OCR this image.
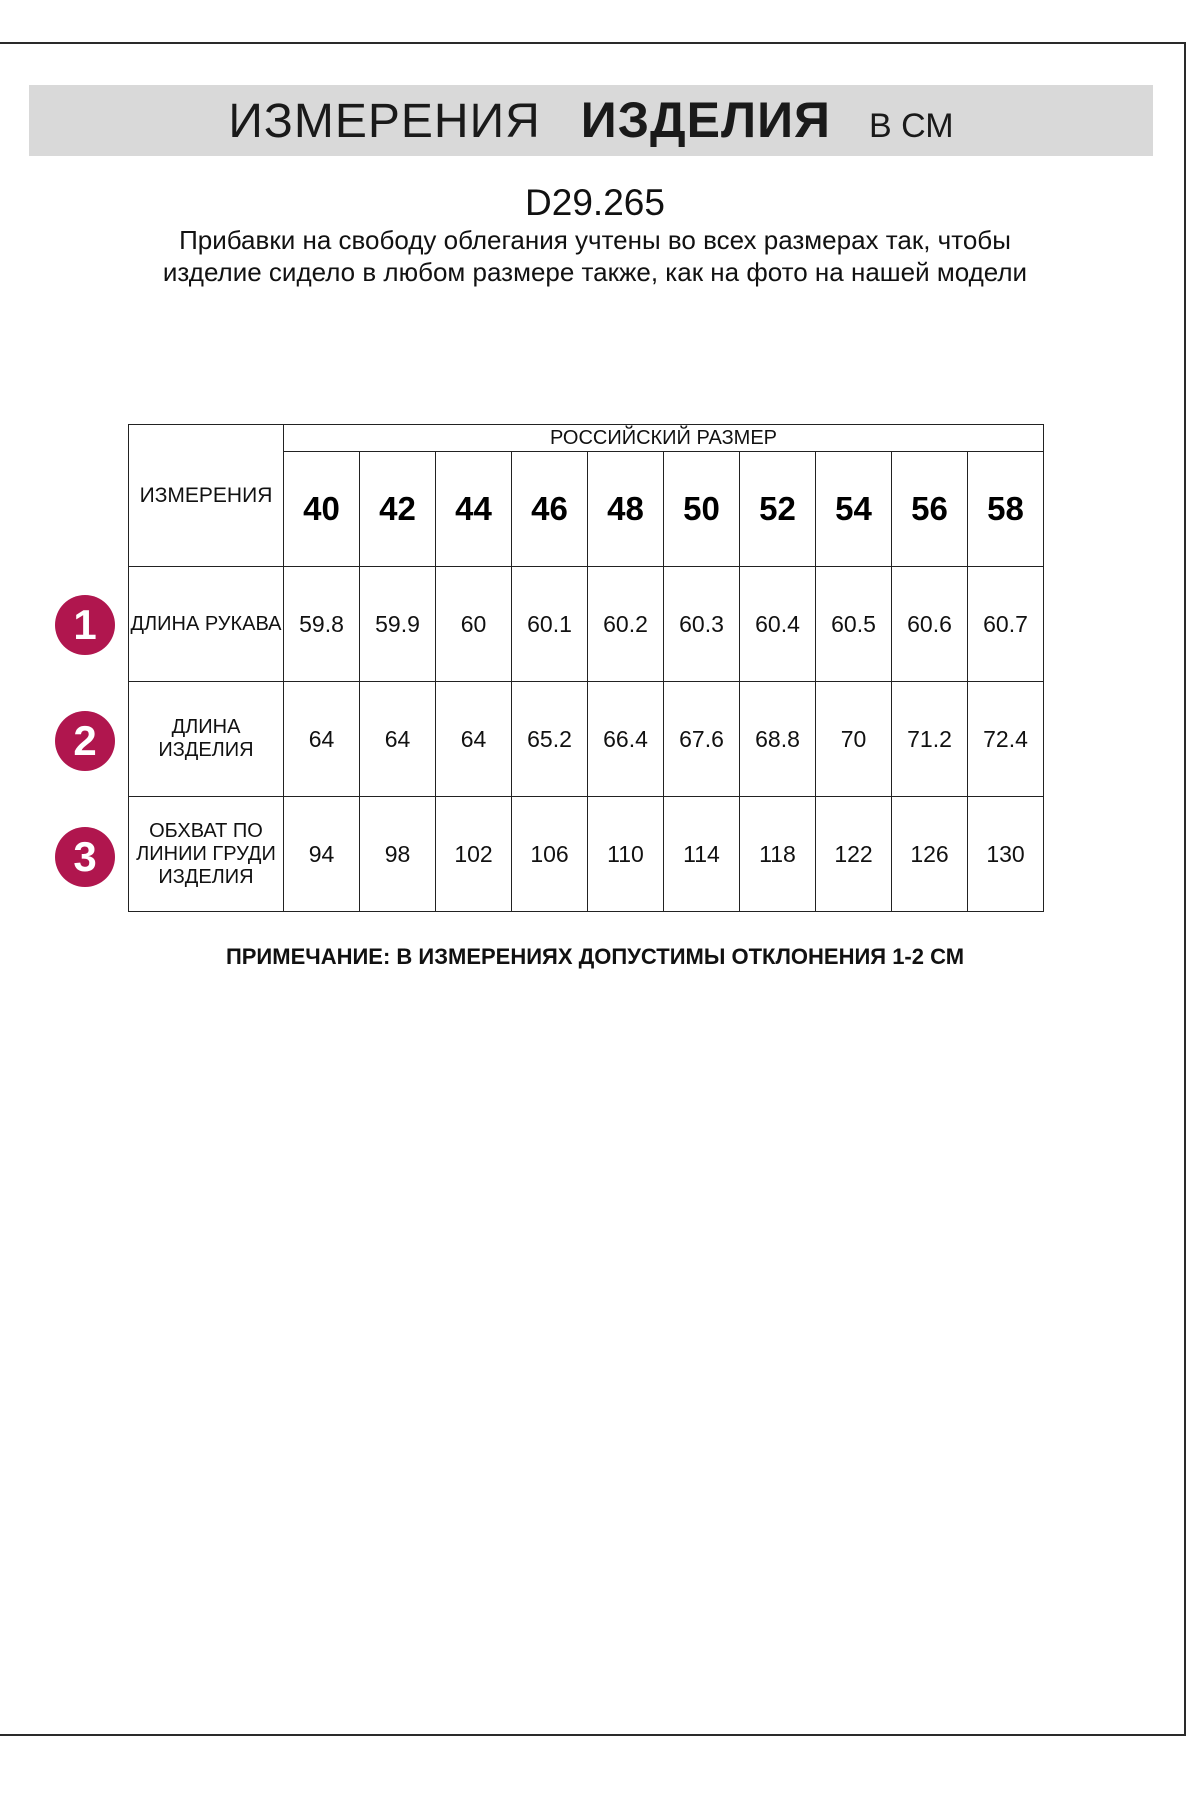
ИЗМЕРЕНИЯ ИЗДЕЛИЯ В СМ
D29.265
Прибавки на свободу облегания учтены во всех размерах так, чтобы изделие сидело в любом размере также, как на фото на нашей модели
ИЗМЕРЕНИЯ	РОССИЙСКИЙ РАЗМЕР									
	40	42	44	46	48	50	52	54	56	58
ДЛИНА РУКАВА	59.8	59.9	60	60.1	60.2	60.3	60.4	60.5	60.6	60.7
ДЛИНА ИЗДЕЛИЯ	64	64	64	65.2	66.4	67.6	68.8	70	71.2	72.4
ОБХВАТ ПО ЛИНИИ ГРУДИ ИЗДЕЛИЯ	94	98	102	106	110	114	118	122	126	130
1
2
3
ПРИМЕЧАНИЕ: В ИЗМЕРЕНИЯХ ДОПУСТИМЫ ОТКЛОНЕНИЯ 1-2 СМ
